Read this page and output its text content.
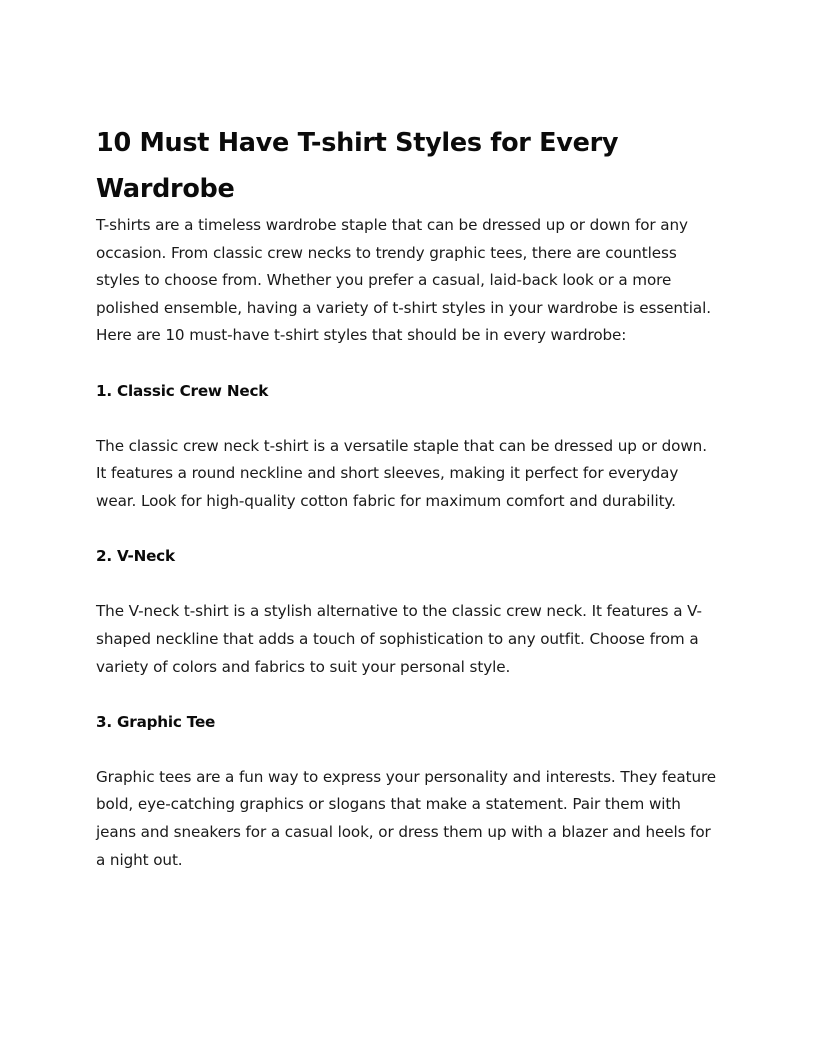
10 Must Have T-shirt Styles for Every Wardrobe

T-shirts are a timeless wardrobe staple that can be dressed up or down for any occasion. From classic crew necks to trendy graphic tees, there are countless styles to choose from. Whether you prefer a casual, laid-back look or a more polished ensemble, having a variety of t-shirt styles in your wardrobe is essential. Here are 10 must-have t-shirt styles that should be in every wardrobe:

1. Classic Crew Neck

The classic crew neck t-shirt is a versatile staple that can be dressed up or down. It features a round neckline and short sleeves, making it perfect for everyday wear. Look for high-quality cotton fabric for maximum comfort and durability.

2. V-Neck

The V-neck t-shirt is a stylish alternative to the classic crew neck. It features a V-shaped neckline that adds a touch of sophistication to any outfit. Choose from a variety of colors and fabrics to suit your personal style.

3. Graphic Tee

Graphic tees are a fun way to express your personality and interests. They feature bold, eye-catching graphics or slogans that make a statement. Pair them with jeans and sneakers for a casual look, or dress them up with a blazer and heels for a night out.
